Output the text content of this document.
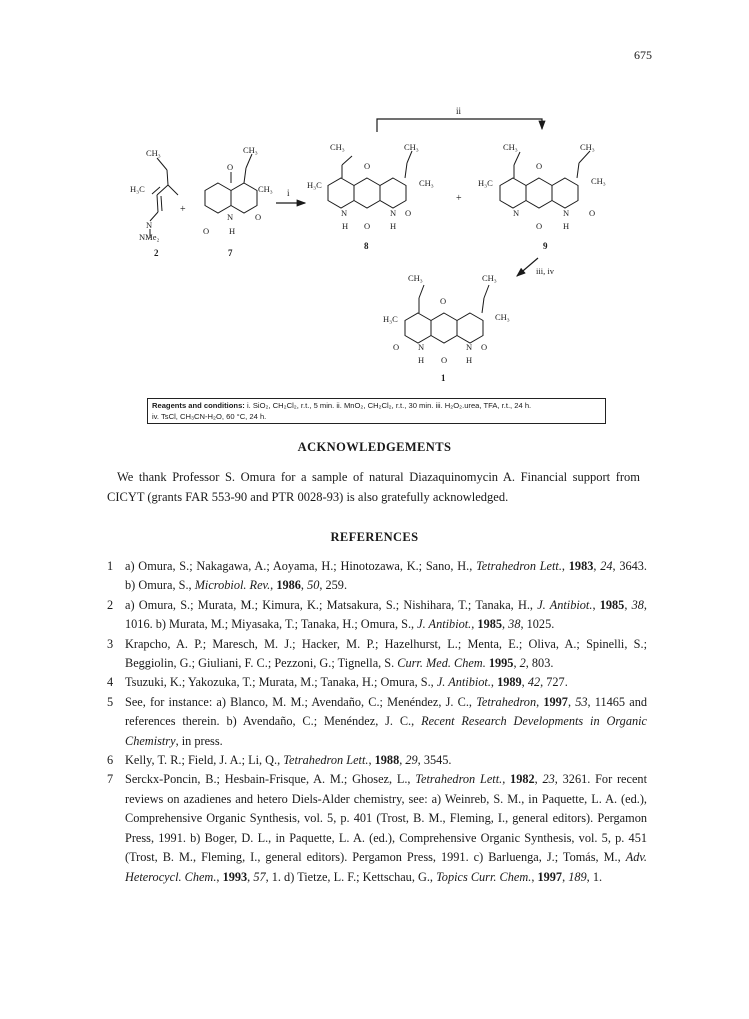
675
ii
CH₃
H₃C
N
NMe₂
2
+
O
CH₃
CH₃
N	O
O H
7
i
CH₃	CH₃
O
H₃C	CH₃
N	N O
H O H
8
+
CH₃	CH₃
O
H₃C	CH₃
N	N O
O H
9
iii, iv
CH₃	CH₃
O
H₃C	CH₃
O N	N O
H O H
1
Reagents and conditions: i. SiO₂, CH₂Cl₂, r.t., 5 min. ii. MnO₂, CH₂Cl₂, r.t., 30 min. iii. H₂O₂.urea, TFA, r.t., 24 h.
iv. TsCl, CH₃CN-H₂O, 60 °C, 24 h.
ACKNOWLEDGEMENTS
We thank Professor S. Omura for a sample of natural Diazaquinomycin A. Financial support from CICYT (grants FAR 553-90 and PTR 0028-93) is also gratefully acknowledged.
REFERENCES
1 a) Omura, S.; Nakagawa, A.; Aoyama, H.; Hinotozawa, K.; Sano, H., Tetrahedron Lett., 1983, 24, 3643. b) Omura, S., Microbiol. Rev., 1986, 50, 259.
2 a) Omura, S.; Murata, M.; Kimura, K.; Matsakura, S.; Nishihara, T.; Tanaka, H., J. Antibiot., 1985, 38, 1016. b) Murata, M.; Miyasaka, T.; Tanaka, H.; Omura, S., J. Antibiot., 1985, 38, 1025.
3 Krapcho, A. P.; Maresch, M. J.; Hacker, M. P.; Hazelhurst, L.; Menta, E.; Oliva, A.; Spinelli, S.; Beggiolin, G.; Giuliani, F. C.; Pezzoni, G.; Tignella, S. Curr. Med. Chem. 1995, 2, 803.
4 Tsuzuki, K.; Yakozuka, T.; Murata, M.; Tanaka, H.; Omura, S., J. Antibiot., 1989, 42, 727.
5 See, for instance: a) Blanco, M. M.; Avendaño, C.; Menéndez, J. C., Tetrahedron, 1997, 53, 11465 and references therein. b) Avendaño, C.; Menéndez, J. C., Recent Research Developments in Organic Chemistry, in press.
6 Kelly, T. R.; Field, J. A.; Li, Q., Tetrahedron Lett., 1988, 29, 3545.
7 Serckx-Poncin, B.; Hesbain-Frisque, A. M.; Ghosez, L., Tetrahedron Lett., 1982, 23, 3261. For recent reviews on azadienes and hetero Diels-Alder chemistry, see: a) Weinreb, S. M., in Paquette, L. A. (ed.), Comprehensive Organic Synthesis, vol. 5, p. 401 (Trost, B. M., Fleming, I., general editors). Pergamon Press, 1991. b) Boger, D. L., in Paquette, L. A. (ed.), Comprehensive Organic Synthesis, vol. 5, p. 451 (Trost, B. M., Fleming, I., general editors). Pergamon Press, 1991. c) Barluenga, J.; Tomás, M., Adv. Heterocycl. Chem., 1993, 57, 1. d) Tietze, L. F.; Kettschau, G., Topics Curr. Chem., 1997, 189, 1.
